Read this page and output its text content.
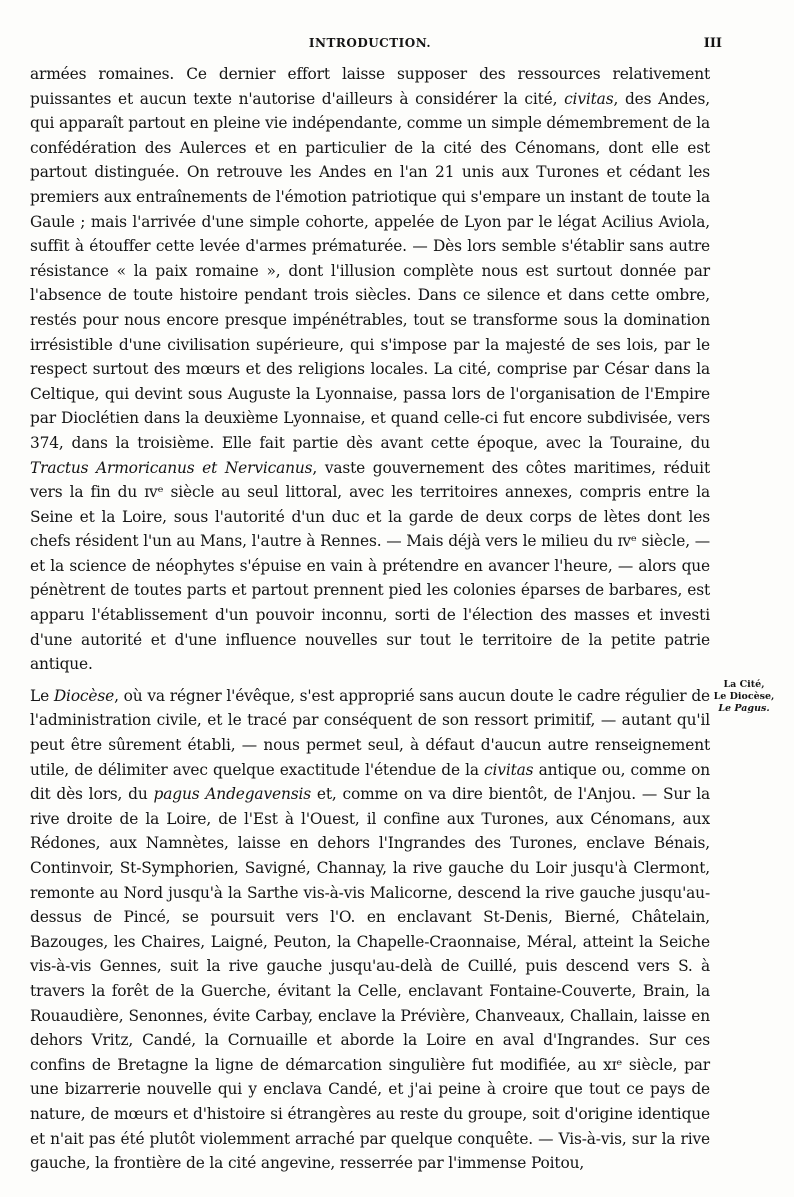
INTRODUCTION.	III

armées romaines. Ce dernier effort laisse supposer des ressources relativement puissantes et aucun texte n'autorise d'ailleurs à considérer la cité, civitas, des Andes, qui apparaît partout en pleine vie indépendante, comme un simple démembrement de la confédération des Aulerces et en particulier de la cité des Cénomans, dont elle est partout distinguée. On retrouve les Andes en l'an 21 unis aux Turones et cédant les premiers aux entraînements de l'émotion patriotique qui s'empare un instant de toute la Gaule ; mais l'arrivée d'une simple cohorte, appelée de Lyon par le légat Acilius Aviola, suffit à étouffer cette levée d'armes prématurée. — Dès lors semble s'établir sans autre résistance « la paix romaine », dont l'illusion complète nous est surtout donnée par l'absence de toute histoire pendant trois siècles. Dans ce silence et dans cette ombre, restés pour nous encore presque impénétrables, tout se transforme sous la domination irrésistible d'une civilisation supérieure, qui s'impose par la majesté de ses lois, par le respect surtout des mœurs et des religions locales. La cité, comprise par César dans la Celtique, qui devint sous Auguste la Lyonnaise, passa lors de l'organisation de l'Empire par Dioclétien dans la deuxième Lyonnaise, et quand celle-ci fut encore subdivisée, vers 374, dans la troisième. Elle fait partie dès avant cette époque, avec la Touraine, du Tractus Armoricanus et Nervicanus, vaste gouvernement des côtes maritimes, réduit vers la fin du ɪᴠᵉ siècle au seul littoral, avec les territoires annexes, compris entre la Seine et la Loire, sous l'autorité d'un duc et la garde de deux corps de lètes dont les chefs résident l'un au Mans, l'autre à Rennes. — Mais déjà vers le milieu du ɪᴠᵉ siècle, — et la science de néophytes s'épuise en vain à prétendre en avancer l'heure, — alors que pénètrent de toutes parts et partout prennent pied les colonies éparses de barbares, est apparu l'établissement d'un pouvoir inconnu, sorti de l'élection des masses et investi d'une autorité et d'une influence nouvelles sur tout le territoire de la petite patrie antique.

Le Diocèse, où va régner l'évêque, s'est approprié sans aucun doute le cadre régulier de l'administration civile, et le tracé par conséquent de son ressort primitif, — autant qu'il peut être sûrement établi, — nous permet seul, à défaut d'aucun autre renseignement utile, de délimiter avec quelque exactitude l'étendue de la civitas antique ou, comme on dit dès lors, du pagus Andegavensis et, comme on va dire bientôt, de l'Anjou. — Sur la rive droite de la Loire, de l'Est à l'Ouest, il confine aux Turones, aux Cénomans, aux Rédones, aux Namnètes, laisse en dehors l'Ingrandes des Turones, enclave Bénais, Continvoir, St-Symphorien, Savigné, Channay, la rive gauche du Loir jusqu'à Clermont, remonte au Nord jusqu'à la Sarthe vis-à-vis Malicorne, descend la rive gauche jusqu'au-dessus de Pincé, se poursuit vers l'O. en enclavant St-Denis, Bierné, Châtelain, Bazouges, les Chaires, Laigné, Peuton, la Chapelle-Craonnaise, Méral, atteint la Seiche vis-à-vis Gennes, suit la rive gauche jusqu'au-delà de Cuillé, puis descend vers S. à travers la forêt de la Guerche, évitant la Celle, enclavant Fontaine-Couverte, Brain, la Rouaudière, Senonnes, évite Carbay, enclave la Prévière, Chanveaux, Challain, laisse en dehors Vritz, Candé, la Cornuaille et aborde la Loire en aval d'Ingrandes. Sur ces confins de Bretagne la ligne de démarcation singulière fut modifiée, au xɪᵉ siècle, par une bizarrerie nouvelle qui y enclava Candé, et j'ai peine à croire que tout ce pays de nature, de mœurs et d'histoire si étrangères au reste du groupe, soit d'origine identique et n'ait pas été plutôt violemment arraché par quelque conquête. — Vis-à-vis, sur la rive gauche, la frontière de la cité angevine, resserrée par l'immense Poitou,

La Cité,
Le Diocèse,
Le Pagus.
